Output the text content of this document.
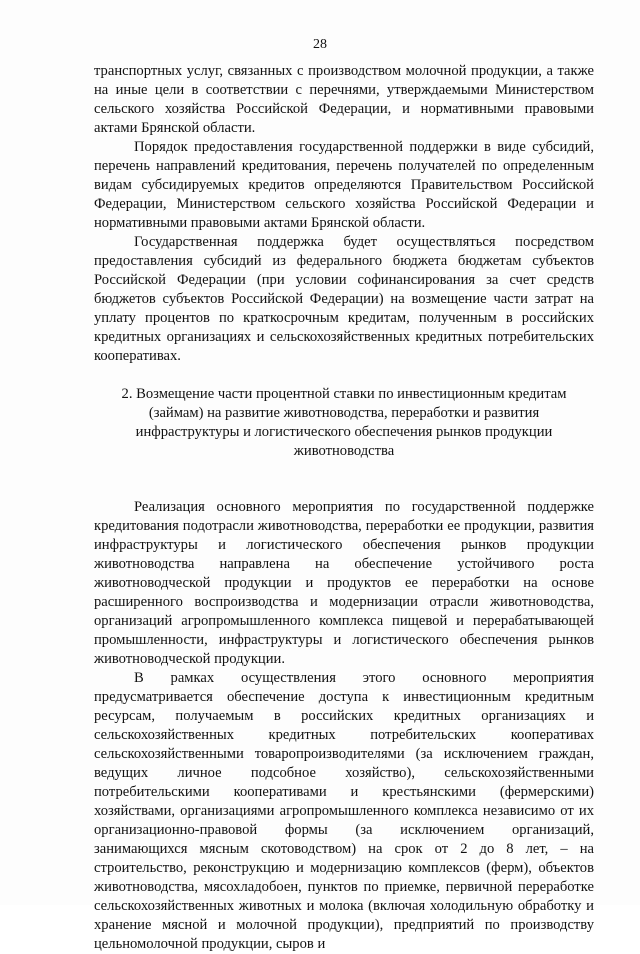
28

транспортных услуг, связанных с производством молочной продукции, а также на иные цели в соответствии с перечнями, утверждаемыми Министерством сельского хозяйства Российской Федерации, и нормативными правовыми актами Брянской области.

Порядок предоставления государственной поддержки в виде субсидий, перечень направлений кредитования, перечень получателей по определенным видам субсидируемых кредитов определяются Правительством Российской Федерации, Министерством сельского хозяйства Российской Федерации и нормативными правовыми актами Брянской области.

Государственная поддержка будет осуществляться посредством предоставления субсидий из федерального бюджета бюджетам субъектов Российской Федерации (при условии софинансирования за счет средств бюджетов субъектов Российской Федерации) на возмещение части затрат на уплату процентов по краткосрочным кредитам, полученным в российских кредитных организациях и сельскохозяйственных кредитных потребительских кооперативах.

2. Возмещение части процентной ставки по инвестиционным кредитам (займам) на развитие животноводства, переработки и развития инфраструктуры и логистического обеспечения рынков продукции животноводства

Реализация основного мероприятия по государственной поддержке кредитования подотрасли животноводства, переработки ее продукции, развития инфраструктуры и логистического обеспечения рынков продукции животноводства направлена на обеспечение устойчивого роста животноводческой продукции и продуктов ее переработки на основе расширенного воспроизводства и модернизации отрасли животноводства, организаций агропромышленного комплекса пищевой и перерабатывающей промышленности, инфраструктуры и логистического обеспечения рынков животноводческой продукции.

В рамках осуществления этого основного мероприятия предусматривается обеспечение доступа к инвестиционным кредитным ресурсам, получаемым в российских кредитных организациях и сельскохозяйственных кредитных потребительских кооперативах сельскохозяйственными товаропроизводителями (за исключением граждан, ведущих личное подсобное хозяйство), сельскохозяйственными потребительскими кооперативами и крестьянскими (фермерскими) хозяйствами, организациями агропромышленного комплекса независимо от их организационно-правовой формы (за исключением организаций, занимающихся мясным скотоводством) на срок от 2 до 8 лет, – на строительство, реконструкцию и модернизацию комплексов (ферм), объектов животноводства, мясохладобоен, пунктов по приемке, первичной переработке сельскохозяйственных животных и молока (включая холодильную обработку и хранение мясной и молочной продукции), предприятий по производству цельномолочной продукции, сыров и
